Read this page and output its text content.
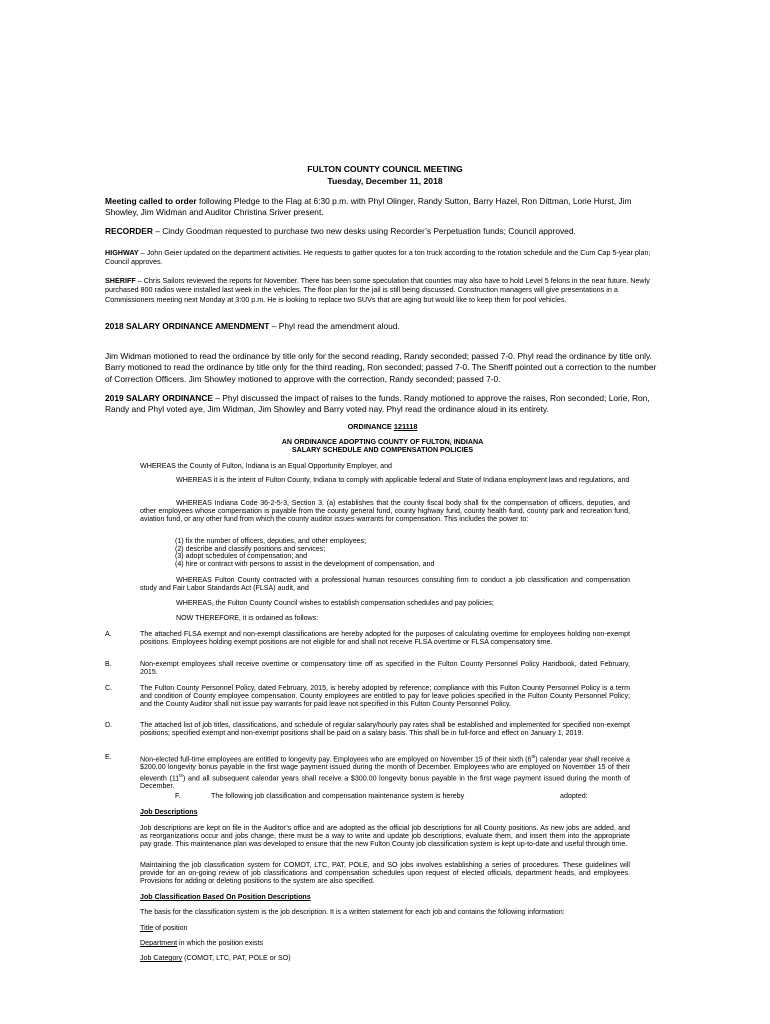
FULTON COUNTY COUNCIL MEETING
Tuesday, December 11, 2018
Meeting called to order following Pledge to the Flag at 6:30 p.m. with Phyl Olinger, Randy Sutton, Barry Hazel, Ron Dittman, Lorie Hurst, Jim Showley, Jim Widman and Auditor Christina Sriver present.
RECORDER – Cindy Goodman requested to purchase two new desks using Recorder’s Perpetuation funds; Council approved.
HIGHWAY – John Geier updated on the department activities. He requests to gather quotes for a ton truck according to the rotation schedule and the Cum Cap 5-year plan; Council approves.
SHERIFF – Chris Sailors reviewed the reports for November. There has been some speculation that counties may also have to hold Level 5 felons in the near future. Newly purchased 800 radios were installed last week in the vehicles. The floor plan for the jail is still being discussed. Construction managers will give presentations in a Commissioners meeting next Monday at 3:00 p.m. He is looking to replace two SUVs that are aging but would like to keep them for pool vehicles.
2018 SALARY ORDINANCE AMENDMENT – Phyl read the amendment aloud.
Jim Widman motioned to read the ordinance by title only for the second reading, Randy seconded; passed 7-0. Phyl read the ordinance by title only. Barry motioned to read the ordinance by title only for the third reading, Ron seconded; passed 7-0. The Sheriff pointed out a correction to the number of Correction Officers. Jim Showley motioned to approve with the correction, Randy seconded; passed 7-0.
2019 SALARY ORDINANCE – Phyl discussed the impact of raises to the funds. Randy motioned to approve the raises, Ron seconded; Lorie, Ron, Randy and Phyl voted aye, Jim Widman, Jim Showley and Barry voted nay. Phyl read the ordinance aloud in its entirety.
ORDINANCE 121118
AN ORDINANCE ADOPTING COUNTY OF FULTON, INDIANA
SALARY SCHEDULE AND COMPENSATION POLICIES
WHEREAS the County of Fulton, Indiana is an Equal Opportunity Employer, and
WHEREAS it is the intent of Fulton County, Indiana to comply with applicable federal and State of Indiana employment laws and regulations, and
WHEREAS Indiana Code 36-2-5-3, Section 3. (a) establishes that the county fiscal body shall fix the compensation of officers, deputies, and other employees whose compensation is payable from the county general fund, county highway fund, county health fund, county park and recreation fund, aviation fund, or any other fund from which the county auditor issues warrants for compensation. This includes the power to:
(1) fix the number of officers, deputies, and other employees;
(2) describe and classify positions and services;
(3) adopt schedules of compensation; and
(4) hire or contract with persons to assist in the development of compensation, and
WHEREAS Fulton County contracted with a professional human resources consulting firm to conduct a job classification and compensation study and Fair Labor Standards Act (FLSA) audit, and
WHEREAS, the Fulton County Council wishes to establish compensation schedules and pay policies;
NOW THEREFORE, it is ordained as follows:
A.	The attached FLSA exempt and non-exempt classifications are hereby adopted for the purposes of calculating overtime for employees holding non-exempt positions. Employees holding exempt positions are not eligible for and shall not receive FLSA overtime or FLSA compensatory time.
B.	Non-exempt employees shall receive overtime or compensatory time off as specified in the Fulton County Personnel Policy Handbook, dated February, 2015.
C.	The Fulton County Personnel Policy, dated February, 2015, is hereby adopted by reference; compliance with this Fulton County Personnel Policy is a term and condition of County employee compensation. County employees are entitled to pay for leave policies specified in the Fulton County Personnel Policy; and the County Auditor shall not issue pay warrants for paid leave not specified in this Fulton County Personnel Policy.
D.	The attached list of job titles, classifications, and schedule of regular salary/hourly pay rates shall be established and implemented for specified non-exempt positions; specified exempt and non-exempt positions shall be paid on a salary basis. This shall be in full-force and effect on January 1, 2019.
E.	Non-elected full-time employees are entitled to longevity pay. Employees who are employed on November 15 of their sixth (6th) calendar year shall receive a $200.00 longevity bonus payable in the first wage payment issued during the month of December. Employees who are employed on November 15 of their eleventh (11th) and all subsequent calendar years shall receive a $300.00 longevity bonus payable in the first wage payment issued during the month of December.
F.	The following job classification and compensation maintenance system is hereby	adopted:
Job Descriptions
Job descriptions are kept on file in the Auditor’s office and are adopted as the official job descriptions for all County positions. As new jobs are added, and as reorganizations occur and jobs change, there must be a way to write and update job descriptions, evaluate them, and insert them into the appropriate pay grade. This maintenance plan was developed to ensure that the new Fulton County job classification system is kept up-to-date and useful through time.
Maintaining the job classification system for COMOT, LTC, PAT, POLE, and SO jobs involves establishing a series of procedures. These guidelines will provide for an on-going review of job classifications and compensation schedules upon request of elected officials, department heads, and employees. Provisions for adding or deleting positions to the system are also specified.
Job Classification Based On Position Descriptions
The basis for the classification system is the job description. It is a written statement for each job and contains the following information:
Title of position
Department in which the position exists
Job Category (COMOT, LTC, PAT, POLE or SO)
